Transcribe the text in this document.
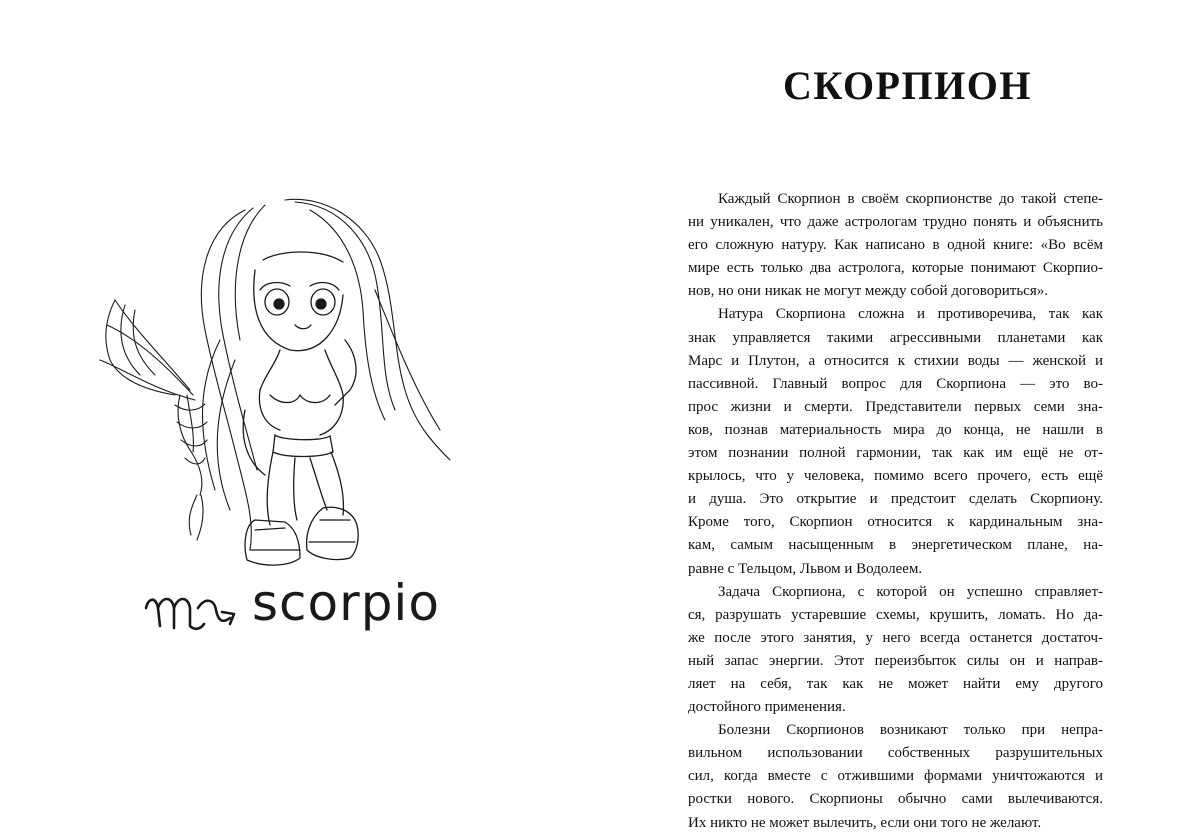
scorpio
СКОРПИОН
Каждый Скорпион в своём скорпионстве до такой степе-
ни уникален, что даже астрологам трудно понять и объяснить
его сложную натуру. Как написано в одной книге: «Во всём
мире есть только два астролога, которые понимают Скорпио-
нов, но они никак не могут между собой договориться».
Натура Скорпиона сложна и противоречива, так как
знак управляется такими агрессивными планетами как
Марс и Плутон, а относится к стихии воды — женской и
пассивной. Главный вопрос для Скорпиона — это во-
прос жизни и смерти. Представители первых семи зна-
ков, познав материальность мира до конца, не нашли в
этом познании полной гармонии, так как им ещё не от-
крылось, что у человека, помимо всего прочего, есть ещё
и душа. Это открытие и предстоит сделать Скорпиону.
Кроме того, Скорпион относится к кардинальным зна-
кам, самым насыщенным в энергетическом плане, на-
равне с Тельцом, Львом и Водолеем.
Задача Скорпиона, с которой он успешно справляет-
ся, разрушать устаревшие схемы, крушить, ломать. Но да-
же после этого занятия, у него всегда останется достаточ-
ный запас энергии. Этот переизбыток силы он и направ-
ляет на себя, так как не может найти ему другого
достойного применения.
Болезни Скорпионов возникают только при непра-
вильном использовании собственных разрушительных
сил, когда вместе с отжившими формами уничтожаются и
ростки нового. Скорпионы обычно сами вылечиваются.
Их никто не может вылечить, если они того не желают.
